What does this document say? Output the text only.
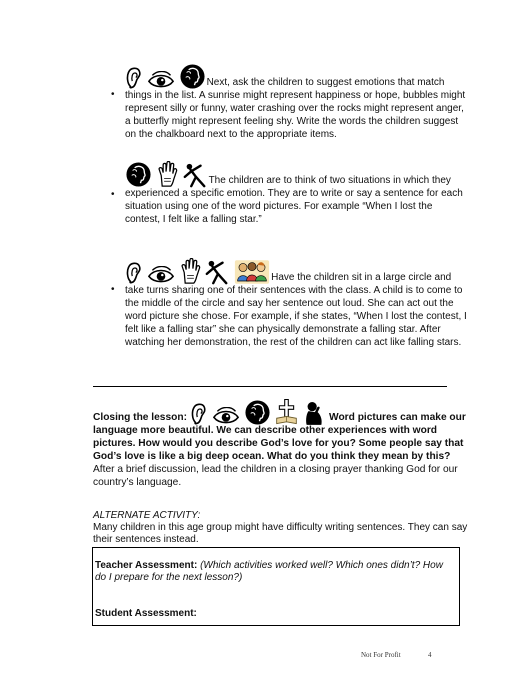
•
Next, ask the children to suggest emotions that match things in the list. A sunrise might represent happiness or hope, bubbles might represent silly or funny, water crashing over the rocks might represent anger, a butterfly might represent feeling shy. Write the words the children suggest on the chalkboard next to the appropriate items.
•
The children are to think of two situations in which they experienced a specific emotion. They are to write or say a sentence for each situation using one of the word pictures. For example “When I lost the contest, I felt like a falling star.”
•
Have the children sit in a large circle and take turns sharing one of their sentences with the class. A child is to come to the middle of the circle and say her sentence out loud. She can act out the word picture she chose. For example, if she states, “When I lost the contest, I felt like a falling star” she can physically demonstrate a falling star. After watching her demonstration, the rest of the children can act like falling stars.
Closing the lesson:	Word pictures can make our language more beautiful. We can describe other experiences with word pictures. How would you describe God’s love for you? Some people say that God’s love is like a big deep ocean. What do you think they mean by this? After a brief discussion, lead the children in a closing prayer thanking God for our country’s language.
ALTERNATE ACTIVITY:
Many children in this age group might have difficulty writing sentences. They can say their sentences instead.
Teacher Assessment: (Which activities worked well? Which ones didn’t? How do I prepare for the next lesson?)
Student Assessment:
Not For Profit	4
